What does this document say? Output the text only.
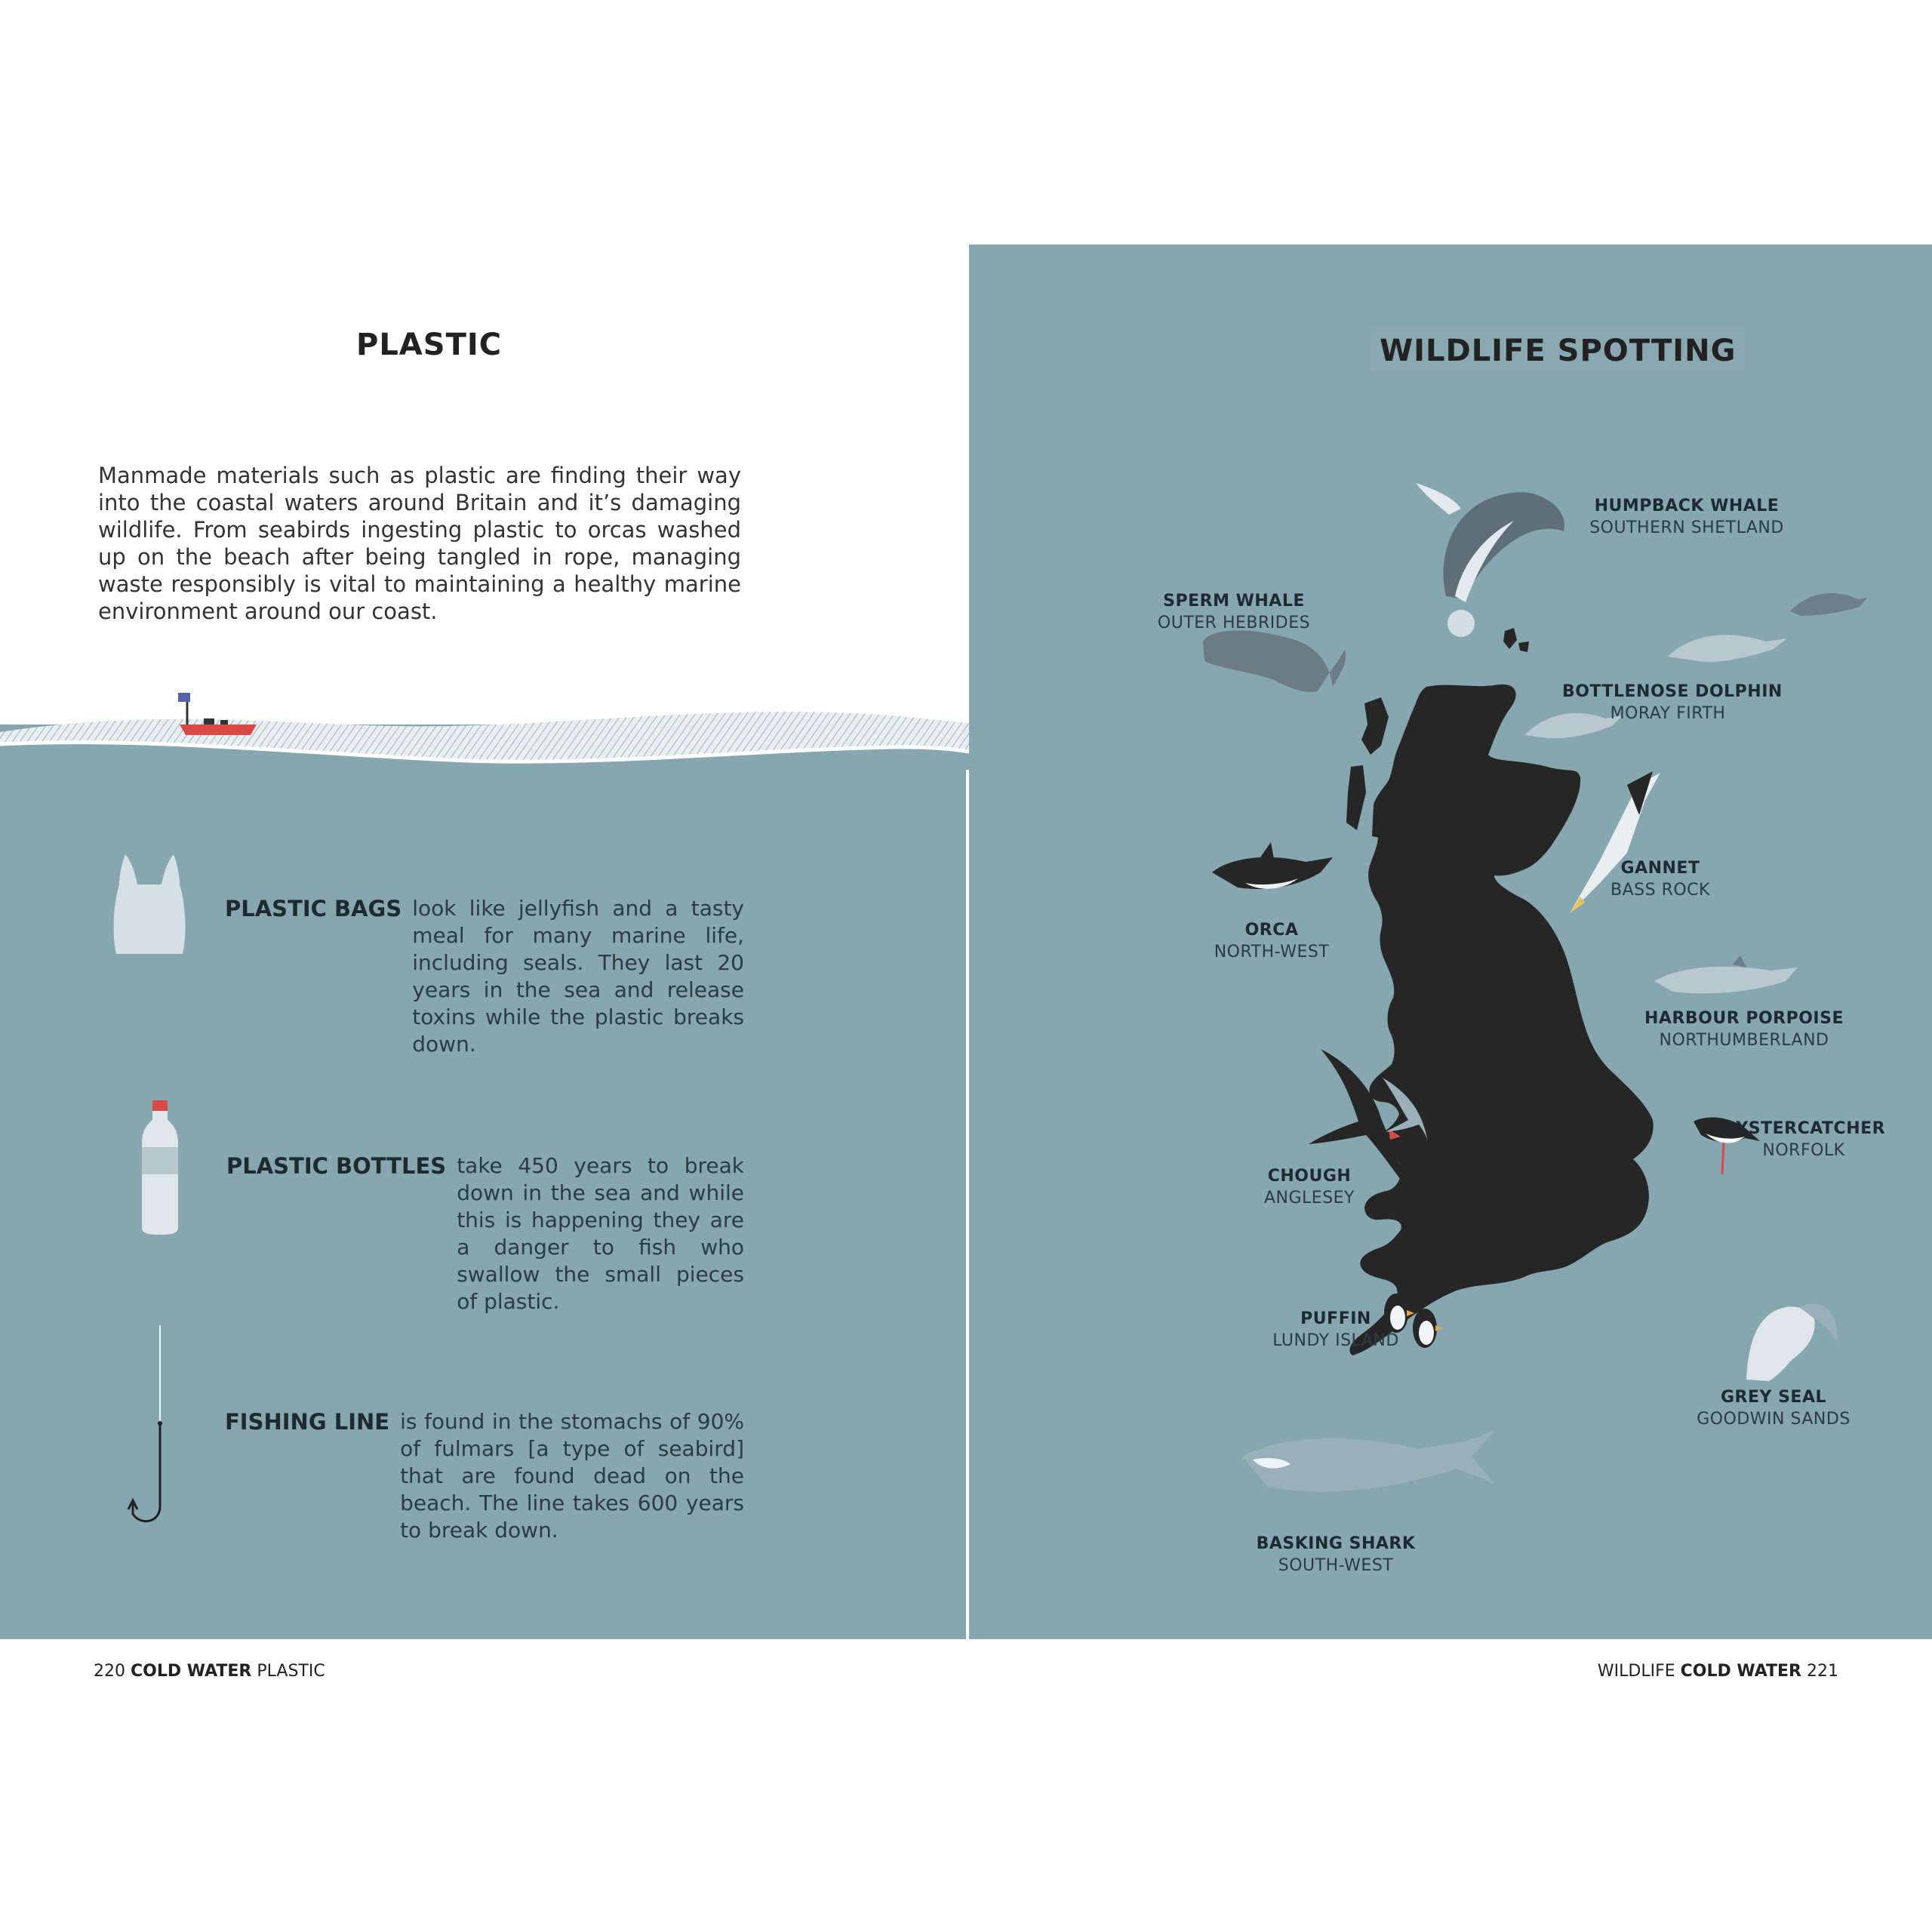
PLASTIC
Manmade materials such as plastic are finding their way into the coastal waters around Britain and it’s damaging wildlife. From seabirds ingesting plastic to orcas washed up on the beach after being tangled in rope, managing waste responsibly is vital to maintaining a healthy marine environment around our coast.
PLASTIC BAGS look like jellyfish and a tasty meal for many marine life, including seals. They last 20 years in the sea and release toxins while the plastic breaks down.
PLASTIC BOTTLES take 450 years to break down in the sea and while this is happening they are a danger to fish who swallow the small pieces of plastic.
FISHING LINE is found in the stomachs of 90% of fulmars [a type of seabird] that are found dead on the beach. The line takes 600 years to break down.
220 COLD WATER PLASTIC
WILDLIFE SPOTTING
HUMPBACK WHALE
SOUTHERN SHETLAND
SPERM WHALE
OUTER HEBRIDES
BOTTLENOSE DOLPHIN
MORAY FIRTH
GANNET
BASS ROCK
ORCA
NORTH-WEST
HARBOUR PORPOISE
NORTHUMBERLAND
OYSTERCATCHER
NORFOLK
CHOUGH
ANGLESEY
PUFFIN
LUNDY ISLAND
GREY SEAL
GOODWIN SANDS
BASKING SHARK
SOUTH-WEST
WILDLIFE COLD WATER 221
